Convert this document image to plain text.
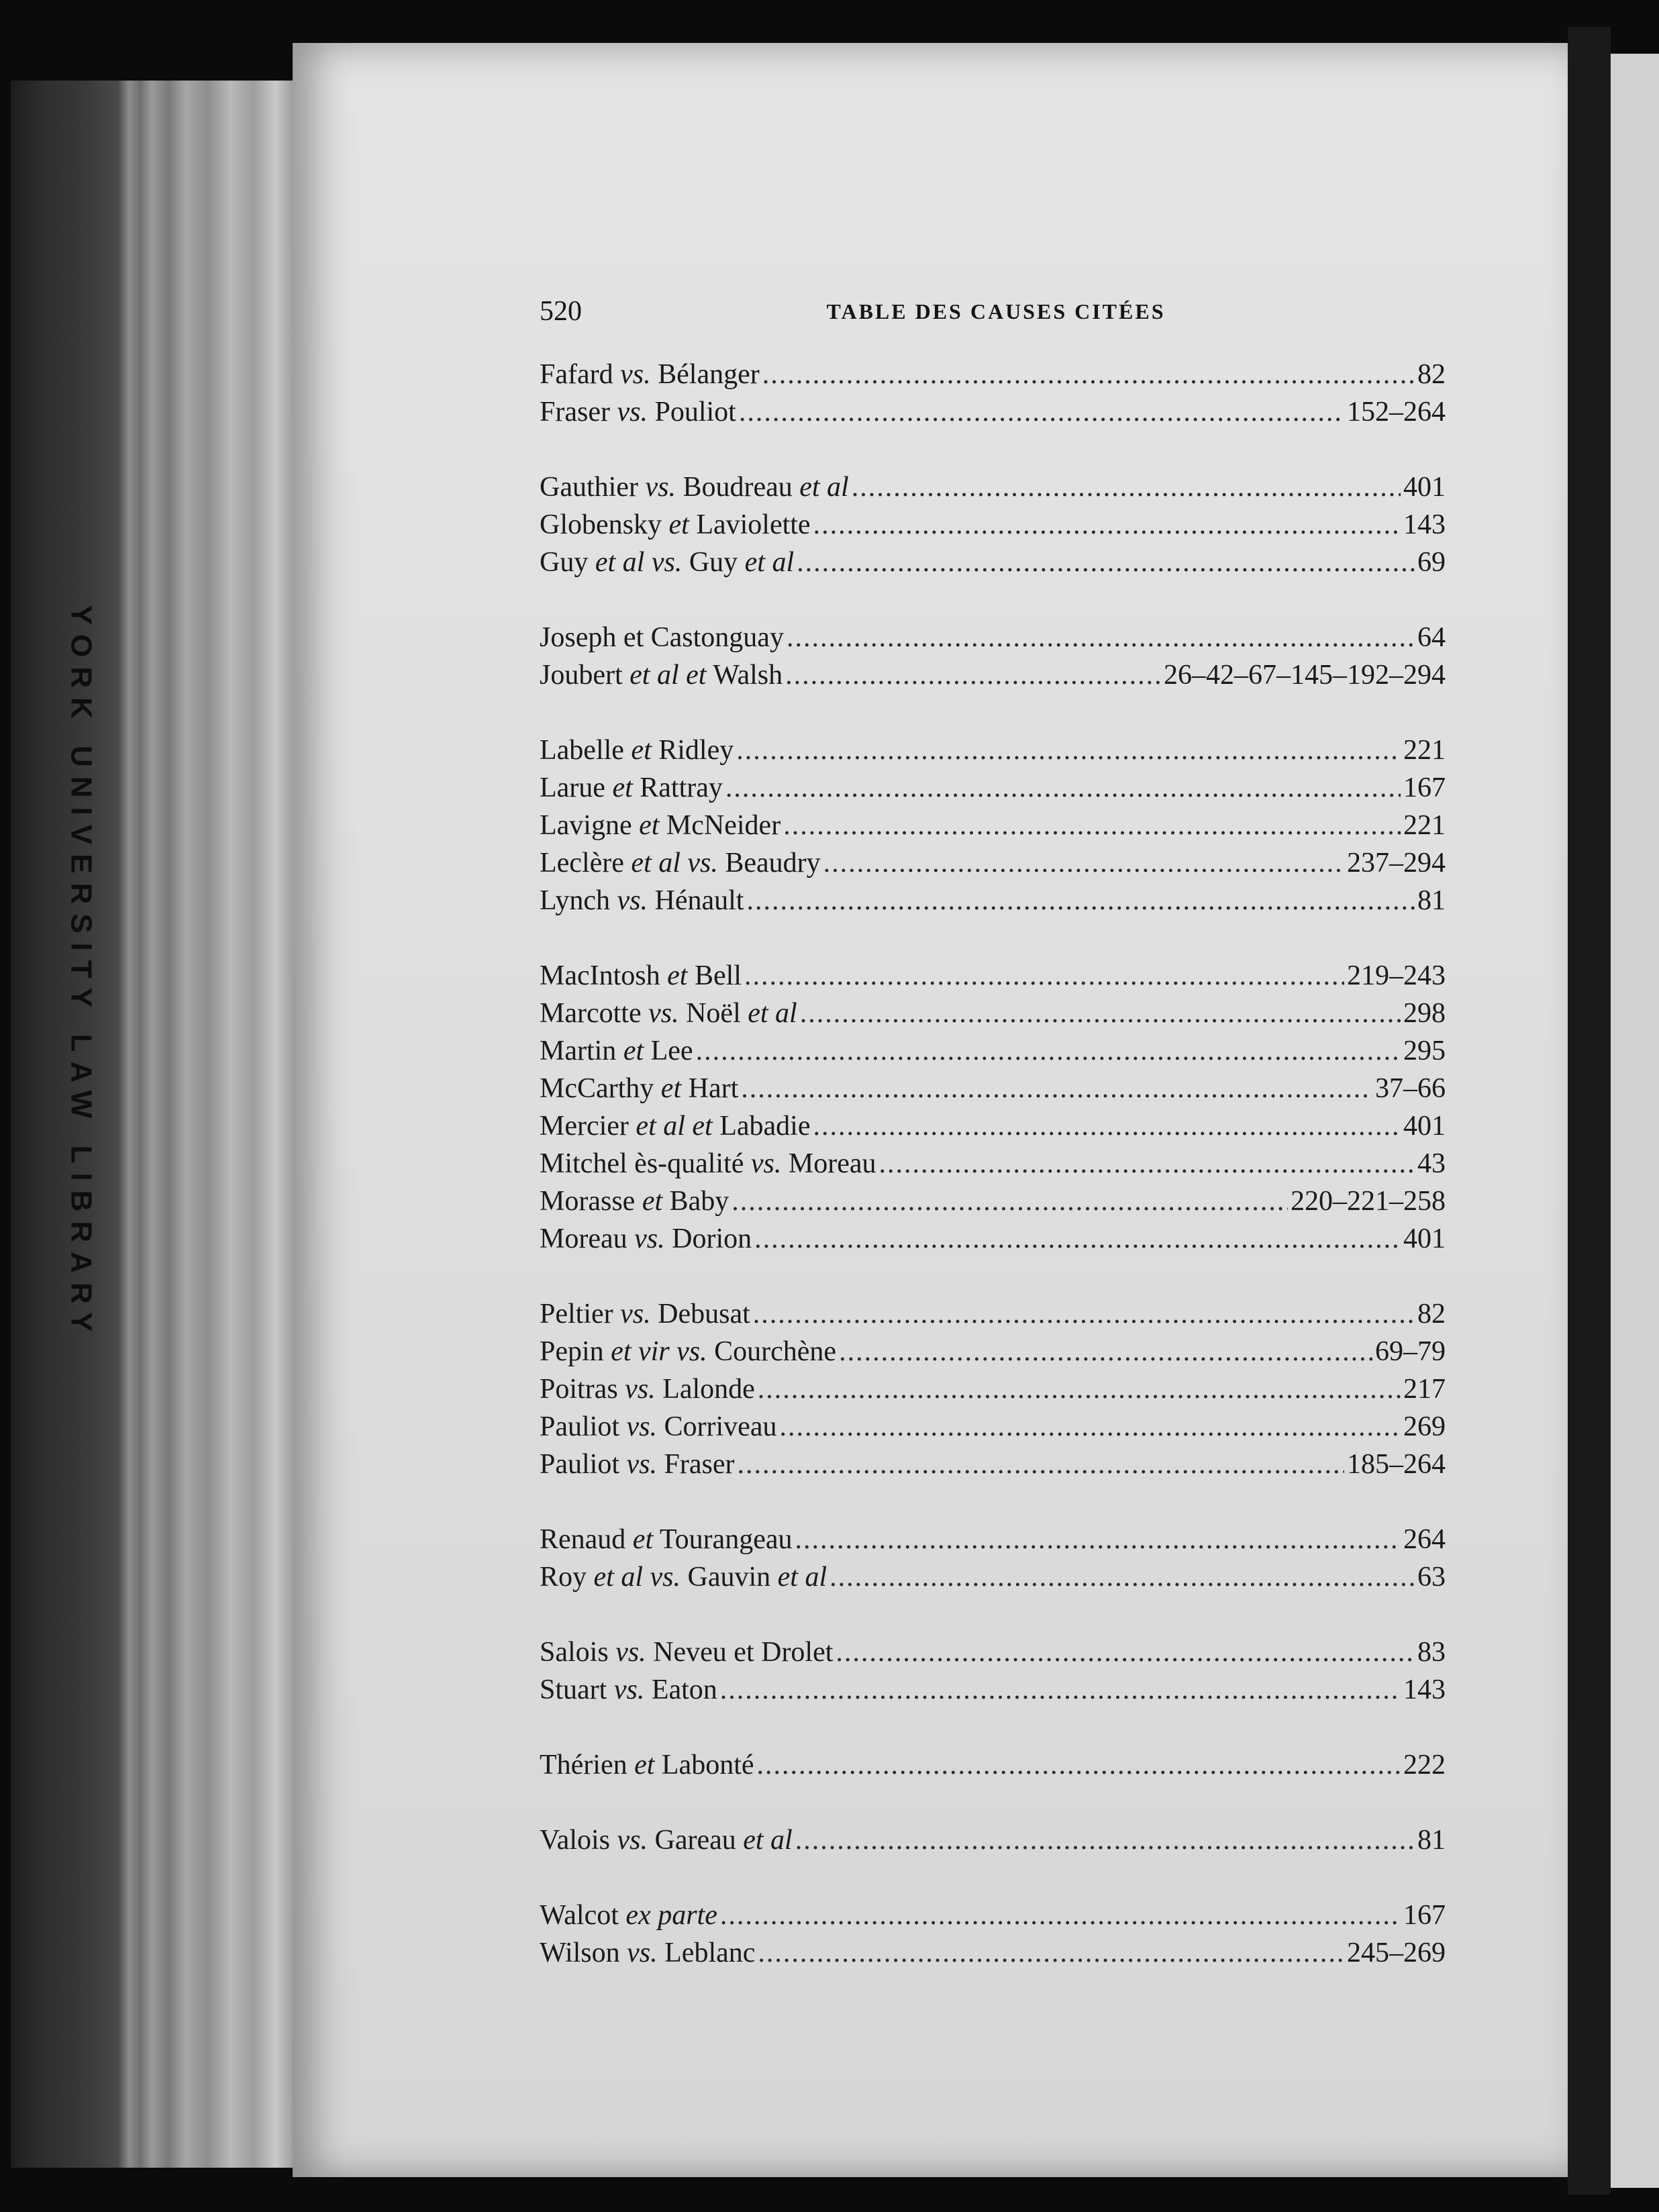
YORK UNIVERSITY LAW LIBRARY
520	TABLE DES CAUSES CITÉES
Fafard vs. Bélanger .....	82
Fraser vs. Pouliot .....	152–264
Gauthier vs. Boudreau et al .....	401
Globensky et Laviolette .....	143
Guy et al vs. Guy et al .....	69
Joseph et Castonguay .....	64
Joubert et al et Walsh .....	26–42–67–145–192–294
Labelle et Ridley .....	221
Larue et Rattray .....	167
Lavigne et McNeider .....	221
Leclère et al vs. Beaudry .....	237–294
Lynch vs. Hénault .....	81
MacIntosh et Bell .....	219–243
Marcotte vs. Noël et al .....	298
Martin et Lee .....	295
McCarthy et Hart .....	37–66
Mercier et al et Labadie .....	401
Mitchel ès-qualité vs. Moreau .....	43
Morasse et Baby .....	220–221–258
Moreau vs. Dorion .....	401
Peltier vs. Debusat .....	82
Pepin et vir vs. Courchène .....	69–79
Poitras vs. Lalonde .....	217
Pauliot vs. Corriveau .....	269
Pauliot vs. Fraser .....	185–264
Renaud et Tourangeau .....	264
Roy et al vs. Gauvin et al .....	63
Salois vs. Neveu et Drolet .....	83
Stuart vs. Eaton .....	143
Thérien et Labonté .....	222
Valois vs. Gareau et al .....	81
Walcot ex parte .....	167
Wilson vs. Leblanc .....	245–269
